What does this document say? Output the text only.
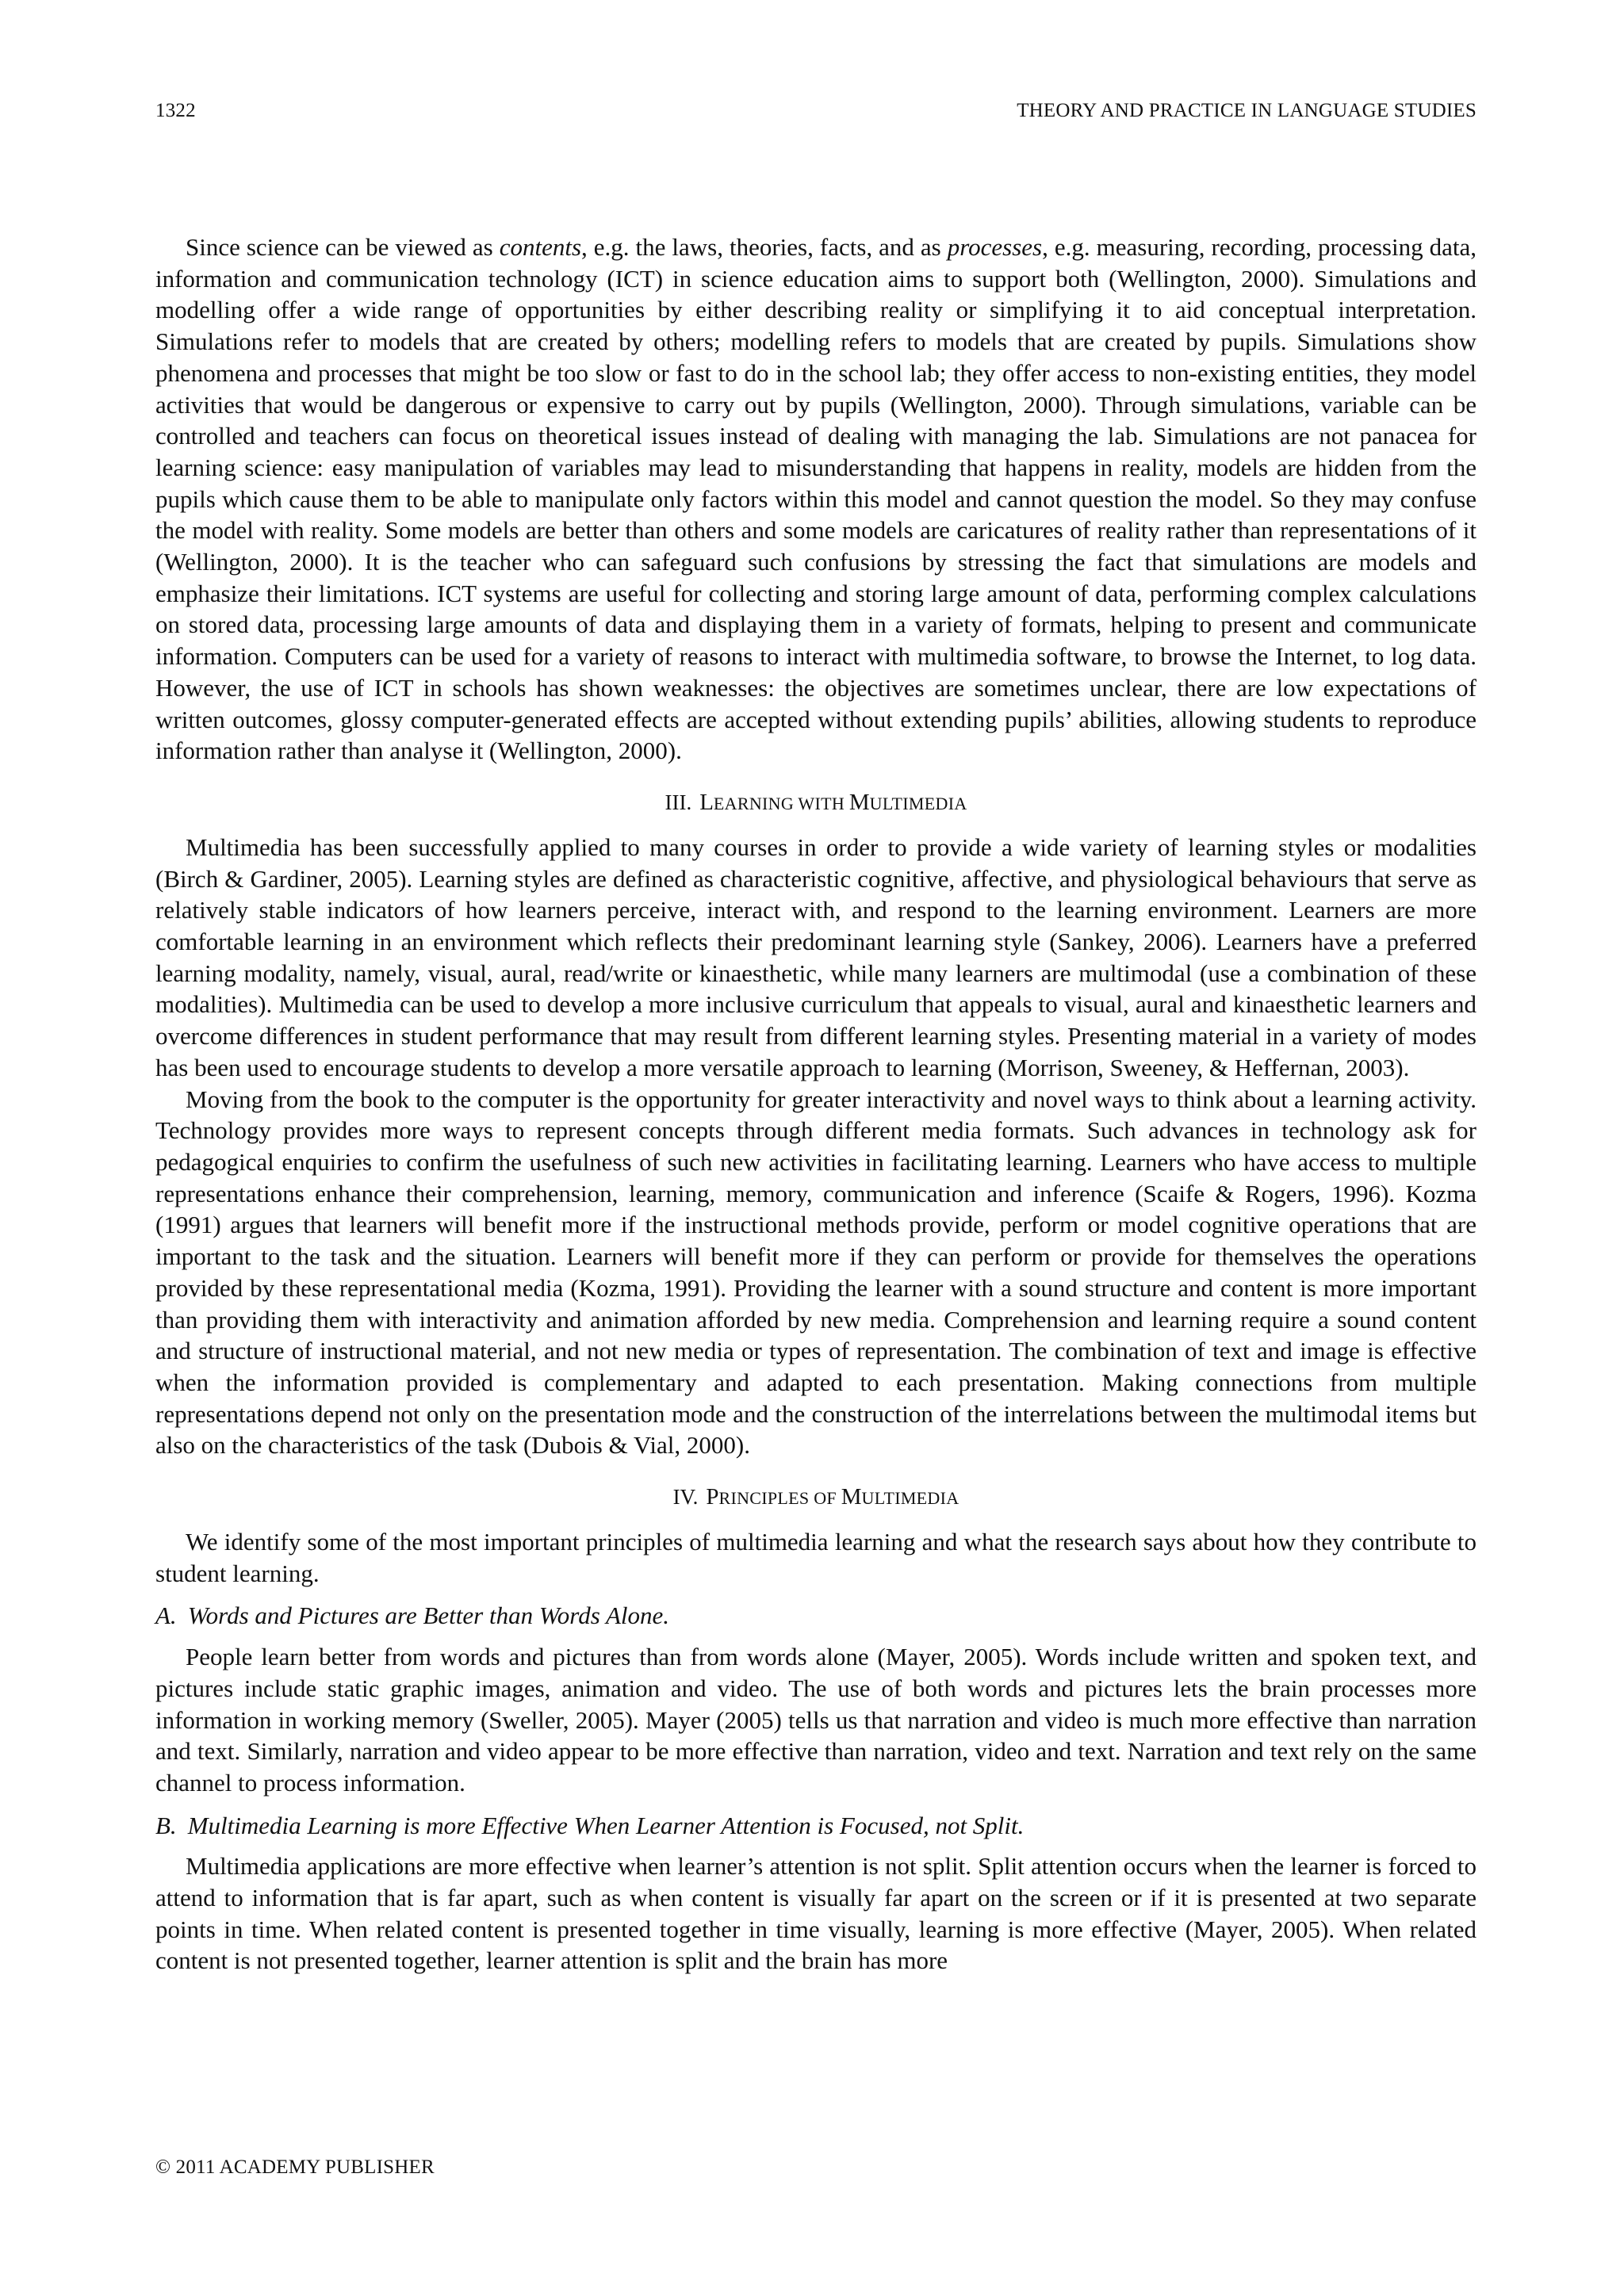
1322	THEORY AND PRACTICE IN LANGUAGE STUDIES

Since science can be viewed as contents, e.g. the laws, theories, facts, and as processes, e.g. measuring, recording, processing data, information and communication technology (ICT) in science education aims to support both (Wellington, 2000). Simulations and modelling offer a wide range of opportunities by either describing reality or simplifying it to aid conceptual interpretation. Simulations refer to models that are created by others; modelling refers to models that are created by pupils. Simulations show phenomena and processes that might be too slow or fast to do in the school lab; they offer access to non-existing entities, they model activities that would be dangerous or expensive to carry out by pupils (Wellington, 2000). Through simulations, variable can be controlled and teachers can focus on theoretical issues instead of dealing with managing the lab. Simulations are not panacea for learning science: easy manipulation of variables may lead to misunderstanding that happens in reality, models are hidden from the pupils which cause them to be able to manipulate only factors within this model and cannot question the model. So they may confuse the model with reality. Some models are better than others and some models are caricatures of reality rather than representations of it (Wellington, 2000). It is the teacher who can safeguard such confusions by stressing the fact that simulations are models and emphasize their limitations. ICT systems are useful for collecting and storing large amount of data, performing complex calculations on stored data, processing large amounts of data and displaying them in a variety of formats, helping to present and communicate information. Computers can be used for a variety of reasons to interact with multimedia software, to browse the Internet, to log data. However, the use of ICT in schools has shown weaknesses: the objectives are sometimes unclear, there are low expectations of written outcomes, glossy computer-generated effects are accepted without extending pupils’ abilities, allowing students to reproduce information rather than analyse it (Wellington, 2000).

III. LEARNING WITH MULTIMEDIA

Multimedia has been successfully applied to many courses in order to provide a wide variety of learning styles or modalities (Birch & Gardiner, 2005). Learning styles are defined as characteristic cognitive, affective, and physiological behaviours that serve as relatively stable indicators of how learners perceive, interact with, and respond to the learning environment. Learners are more comfortable learning in an environment which reflects their predominant learning style (Sankey, 2006). Learners have a preferred learning modality, namely, visual, aural, read/write or kinaesthetic, while many learners are multimodal (use a combination of these modalities). Multimedia can be used to develop a more inclusive curriculum that appeals to visual, aural and kinaesthetic learners and overcome differences in student performance that may result from different learning styles. Presenting material in a variety of modes has been used to encourage students to develop a more versatile approach to learning (Morrison, Sweeney, & Heffernan, 2003).

Moving from the book to the computer is the opportunity for greater interactivity and novel ways to think about a learning activity. Technology provides more ways to represent concepts through different media formats. Such advances in technology ask for pedagogical enquiries to confirm the usefulness of such new activities in facilitating learning. Learners who have access to multiple representations enhance their comprehension, learning, memory, communication and inference (Scaife & Rogers, 1996). Kozma (1991) argues that learners will benefit more if the instructional methods provide, perform or model cognitive operations that are important to the task and the situation. Learners will benefit more if they can perform or provide for themselves the operations provided by these representational media (Kozma, 1991). Providing the learner with a sound structure and content is more important than providing them with interactivity and animation afforded by new media. Comprehension and learning require a sound content and structure of instructional material, and not new media or types of representation. The combination of text and image is effective when the information provided is complementary and adapted to each presentation. Making connections from multiple representations depend not only on the presentation mode and the construction of the interrelations between the multimodal items but also on the characteristics of the task (Dubois & Vial, 2000).

IV. PRINCIPLES OF MULTIMEDIA

We identify some of the most important principles of multimedia learning and what the research says about how they contribute to student learning.

A. Words and Pictures are Better than Words Alone.

People learn better from words and pictures than from words alone (Mayer, 2005). Words include written and spoken text, and pictures include static graphic images, animation and video. The use of both words and pictures lets the brain processes more information in working memory (Sweller, 2005). Mayer (2005) tells us that narration and video is much more effective than narration and text. Similarly, narration and video appear to be more effective than narration, video and text. Narration and text rely on the same channel to process information.

B. Multimedia Learning is more Effective When Learner Attention is Focused, not Split.

Multimedia applications are more effective when learner’s attention is not split. Split attention occurs when the learner is forced to attend to information that is far apart, such as when content is visually far apart on the screen or if it is presented at two separate points in time. When related content is presented together in time visually, learning is more effective (Mayer, 2005). When related content is not presented together, learner attention is split and the brain has more

© 2011 ACADEMY PUBLISHER
